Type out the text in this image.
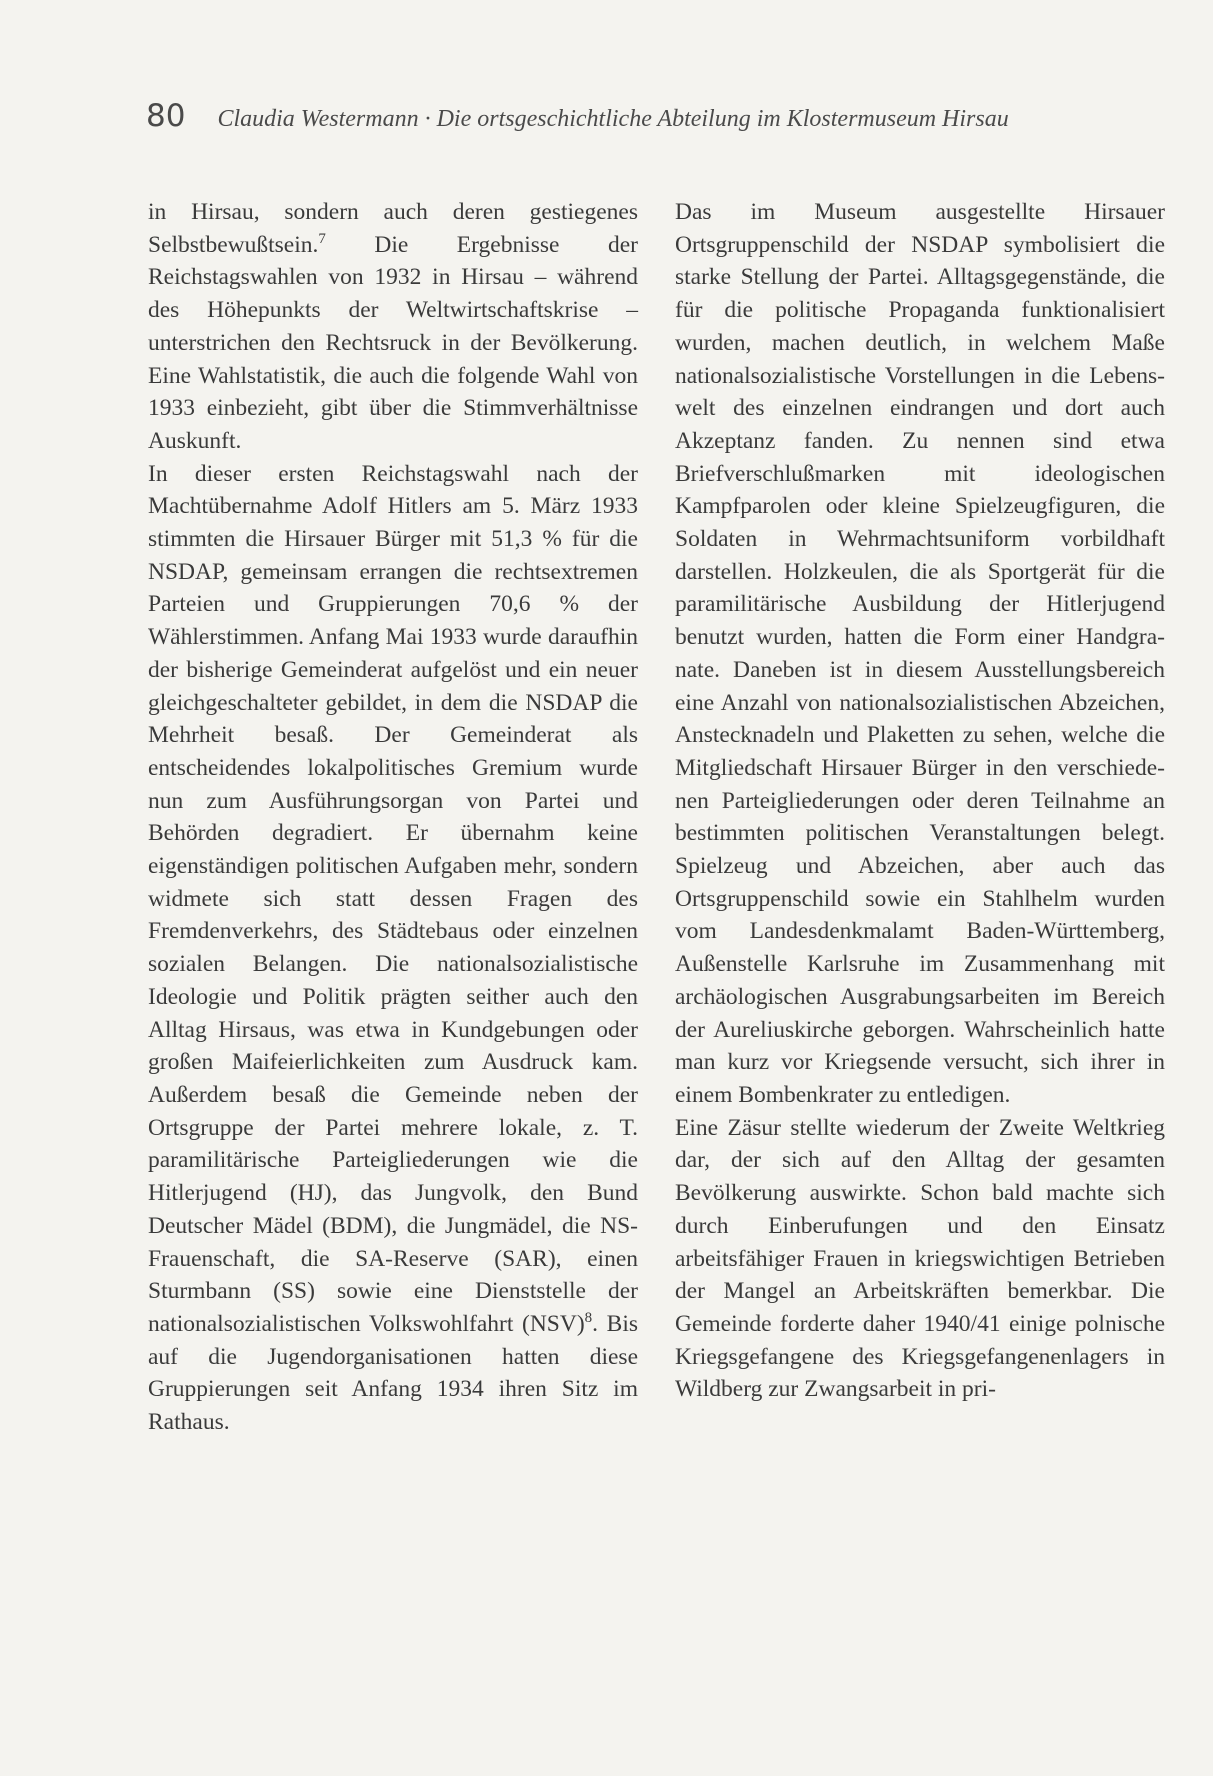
80 Claudia Westermann · Die ortsgeschichtliche Abteilung im Klostermuseum Hirsau

in Hirsau, sondern auch deren gestiegenes Selbstbewußtsein.$^7$ Die Ergebnisse der Reichstagswahlen von 1932 in Hirsau – während des Höhepunkts der Weltwirtschaftskrise – unterstrichen den Rechtsruck in der Bevölkerung. Eine Wahlstatistik, die auch die folgende Wahl von 1933 einbezieht, gibt über die Stimmverhältnisse Auskunft.

In dieser ersten Reichstagswahl nach der Machtübernahme Adolf Hitlers am 5. März 1933 stimmten die Hirsauer Bürger mit 51,3 % für die NSDAP, gemeinsam errangen die rechtsextremen Parteien und Gruppierungen 70,6 % der Wählerstimmen. Anfang Mai 1933 wurde daraufhin der bisherige Gemeinderat aufgelöst und ein neuer gleichgeschalteter gebildet, in dem die NSDAP die Mehrheit besaß. Der Gemeinderat als entscheidendes lokalpolitisches Gremium wurde nun zum Ausführungsorgan von Partei und Behörden degradiert. Er übernahm keine eigenständigen politischen Aufgaben mehr, sondern widmete sich statt dessen Fragen des Fremdenverkehrs, des Städtebaus oder einzelnen sozialen Belangen. Die nationalsozialistische Ideologie und Politik prägten seither auch den Alltag Hirsaus, was etwa in Kundgebungen oder großen Maifeierlichkeiten zum Ausdruck kam. Außerdem besaß die Gemeinde neben der Ortsgruppe der Partei mehrere lokale, z. T. paramilitärische Parteigliederungen wie die Hitlerjugend (HJ), das Jungvolk, den Bund Deutscher Mädel (BDM), die Jungmädel, die NS-Frauenschaft, die SA-Reserve (SAR), einen Sturmbann (SS) sowie eine Dienststelle der nationalsozialistischen Volkswohlfahrt (NSV)$^8$. Bis auf die Jugendorganisationen hatten diese Gruppierungen seit Anfang 1934 ihren Sitz im Rathaus.

Das im Museum ausgestellte Hirsauer Ortsgruppenschild der NSDAP symbolisiert die starke Stellung der Partei. Alltagsgegenstände, die für die politische Propaganda funktionalisiert wurden, machen deutlich, in welchem Maße nationalsozialistische Vorstellungen in die Lebenswelt des einzelnen eindrangen und dort auch Akzeptanz fanden. Zu nennen sind etwa Briefverschlußmarken mit ideologischen Kampfparolen oder kleine Spielzeugfiguren, die Soldaten in Wehrmachtsuniform vorbildhaft darstellen. Holzkeulen, die als Sportgerät für die paramilitärische Ausbildung der Hitlerjugend benutzt wurden, hatten die Form einer Handgranate. Daneben ist in diesem Ausstellungsbereich eine Anzahl von nationalsozialistischen Abzeichen, Anstecknadeln und Plaketten zu sehen, welche die Mitgliedschaft Hirsauer Bürger in den verschiedenen Parteigliederungen oder deren Teilnahme an bestimmten politischen Veranstaltungen belegt. Spielzeug und Abzeichen, aber auch das Ortsgruppenschild sowie ein Stahlhelm wurden vom Landesdenkmalamt Baden-Württemberg, Außenstelle Karlsruhe im Zusammenhang mit archäologischen Ausgrabungsarbeiten im Bereich der Aureliuskirche geborgen. Wahrscheinlich hatte man kurz vor Kriegsende versucht, sich ihrer in einem Bombenkrater zu entledigen.

Eine Zäsur stellte wiederum der Zweite Weltkrieg dar, der sich auf den Alltag der gesamten Bevölkerung auswirkte. Schon bald machte sich durch Einberufungen und den Einsatz arbeitsfähiger Frauen in kriegswichtigen Betrieben der Mangel an Arbeitskräften bemerkbar. Die Gemeinde forderte daher 1940/41 einige polnische Kriegsgefangene des Kriegsgefangenenlagers in Wildberg zur Zwangsarbeit in pri-
